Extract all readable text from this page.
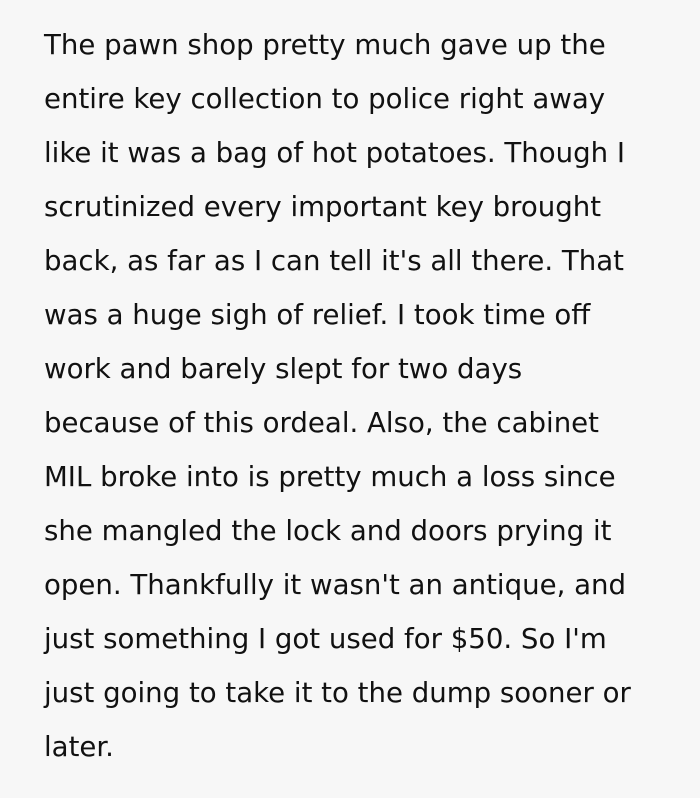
The pawn shop pretty much gave up the
entire key collection to police right away
like it was a bag of hot potatoes. Though I
scrutinized every important key brought
back, as far as I can tell it's all there. That
was a huge sigh of relief. I took time off
work and barely slept for two days
because of this ordeal. Also, the cabinet
MIL broke into is pretty much a loss since
she mangled the lock and doors prying it
open. Thankfully it wasn't an antique, and
just something I got used for $50. So I'm
just going to take it to the dump sooner or
later.
